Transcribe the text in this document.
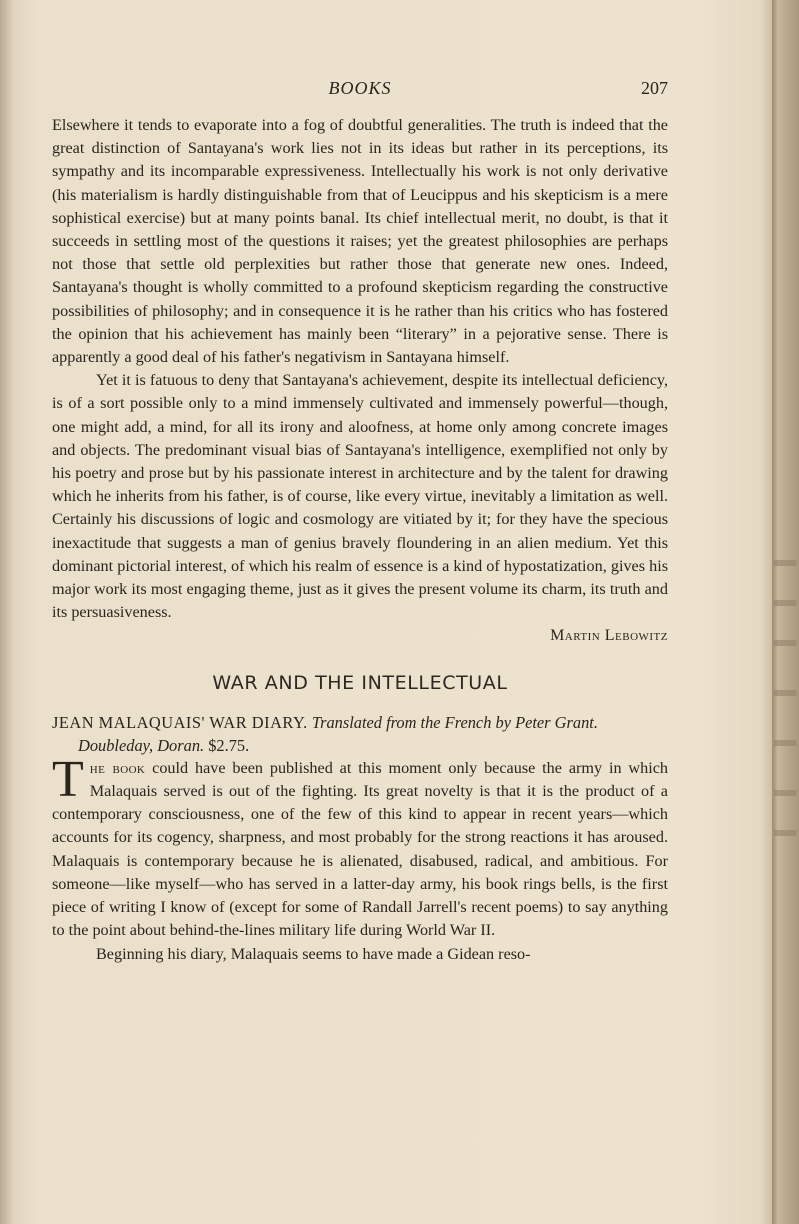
BOOKS	207

Elsewhere it tends to evaporate into a fog of doubtful generalities. The truth is indeed that the great distinction of Santayana's work lies not in its ideas but rather in its perceptions, its sympathy and its incomparable expressiveness. Intellectually his work is not only derivative (his materialism is hardly distinguishable from that of Leucippus and his skepticism is a mere sophistical exercise) but at many points banal. Its chief intellectual merit, no doubt, is that it succeeds in settling most of the questions it raises; yet the greatest philosophies are perhaps not those that settle old perplexities but rather those that generate new ones. Indeed, Santayana's thought is wholly committed to a profound skepticism regarding the constructive possibilities of philosophy; and in consequence it is he rather than his critics who has fostered the opinion that his achievement has mainly been “literary” in a pejorative sense. There is apparently a good deal of his father's negativism in Santayana himself.

Yet it is fatuous to deny that Santayana's achievement, despite its intellectual deficiency, is of a sort possible only to a mind immensely cultivated and immensely powerful—though, one might add, a mind, for all its irony and aloofness, at home only among concrete images and objects. The predominant visual bias of Santayana's intelligence, exemplified not only by his poetry and prose but by his passionate interest in architecture and by the talent for drawing which he inherits from his father, is of course, like every virtue, inevitably a limitation as well. Certainly his discussions of logic and cosmology are vitiated by it; for they have the specious inexactitude that suggests a man of genius bravely floundering in an alien medium. Yet this dominant pictorial interest, of which his realm of essence is a kind of hypostatization, gives his major work its most engaging theme, just as it gives the present volume its charm, its truth and its persuasiveness.

Martin Lebowitz

WAR AND THE INTELLECTUAL

JEAN MALAQUAIS' WAR DIARY. Translated from the French by Peter Grant. Doubleday, Doran. $2.75.

The book could have been published at this moment only because the army in which Malaquais served is out of the fighting. Its great novelty is that it is the product of a contemporary consciousness, one of the few of this kind to appear in recent years—which accounts for its cogency, sharpness, and most probably for the strong reactions it has aroused. Malaquais is contemporary because he is alienated, disabused, radical, and ambitious. For someone—like myself—who has served in a latter-day army, his book rings bells, is the first piece of writing I know of (except for some of Randall Jarrell's recent poems) to say anything to the point about behind-the-lines military life during World War II.

Beginning his diary, Malaquais seems to have made a Gidean reso-
